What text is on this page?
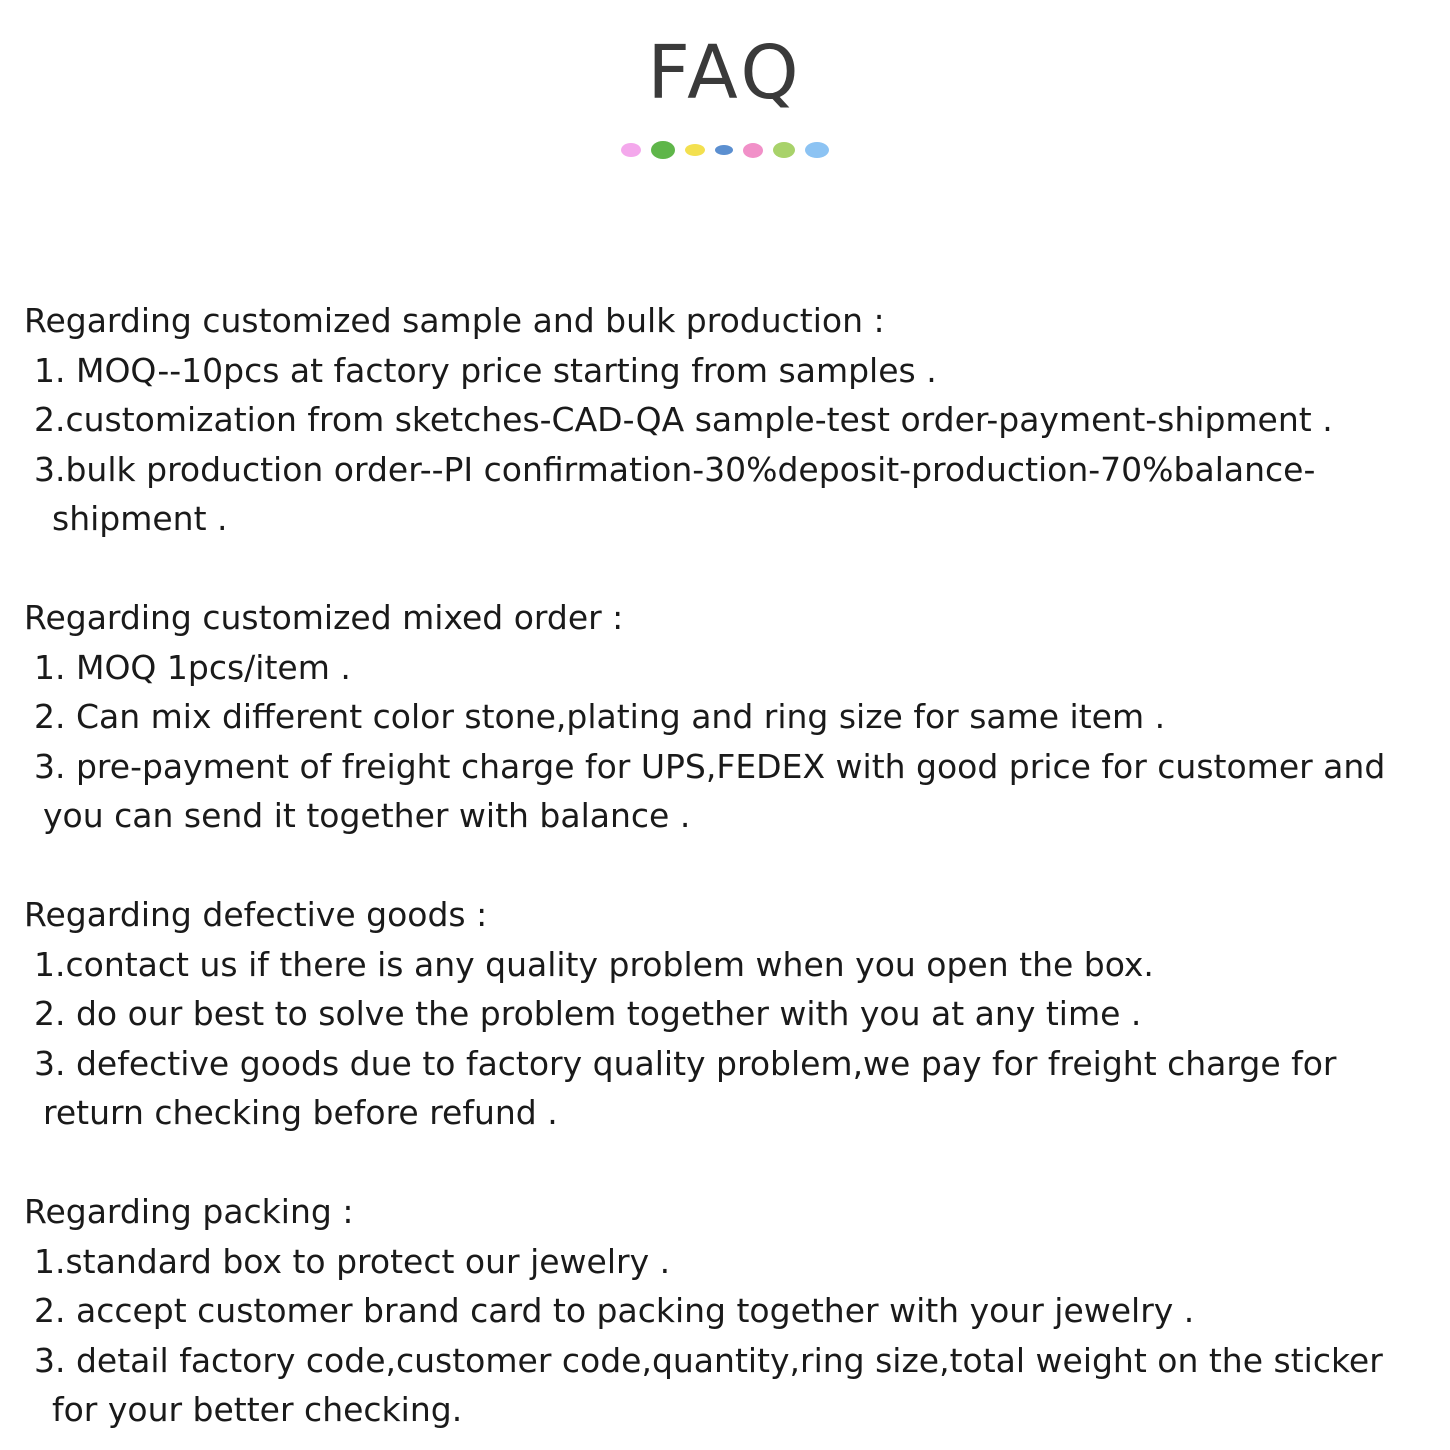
FAQ
Regarding customized sample and bulk production :
1. MOQ--10pcs at factory price starting from samples .
2.customization from sketches-CAD-QA sample-test order-payment-shipment .
3.bulk production order--PI confirmation-30%deposit-production-70%balance-
shipment .
Regarding customized mixed order :
1. MOQ 1pcs/item .
2. Can mix different color stone,plating and ring size for same item .
3. pre-payment of freight charge for UPS,FEDEX with good price for customer and
you can send it together with balance .
Regarding defective goods :
1.contact us if there is any quality problem when you open the box.
2. do our best to solve the problem together with you at any time .
3. defective goods due to factory quality problem,we pay for freight charge for
return checking before refund .
Regarding packing :
1.standard box to protect our jewelry .
2. accept customer brand card to packing together with your jewelry .
3. detail factory code,customer code,quantity,ring size,total weight on the sticker
for your better checking.
